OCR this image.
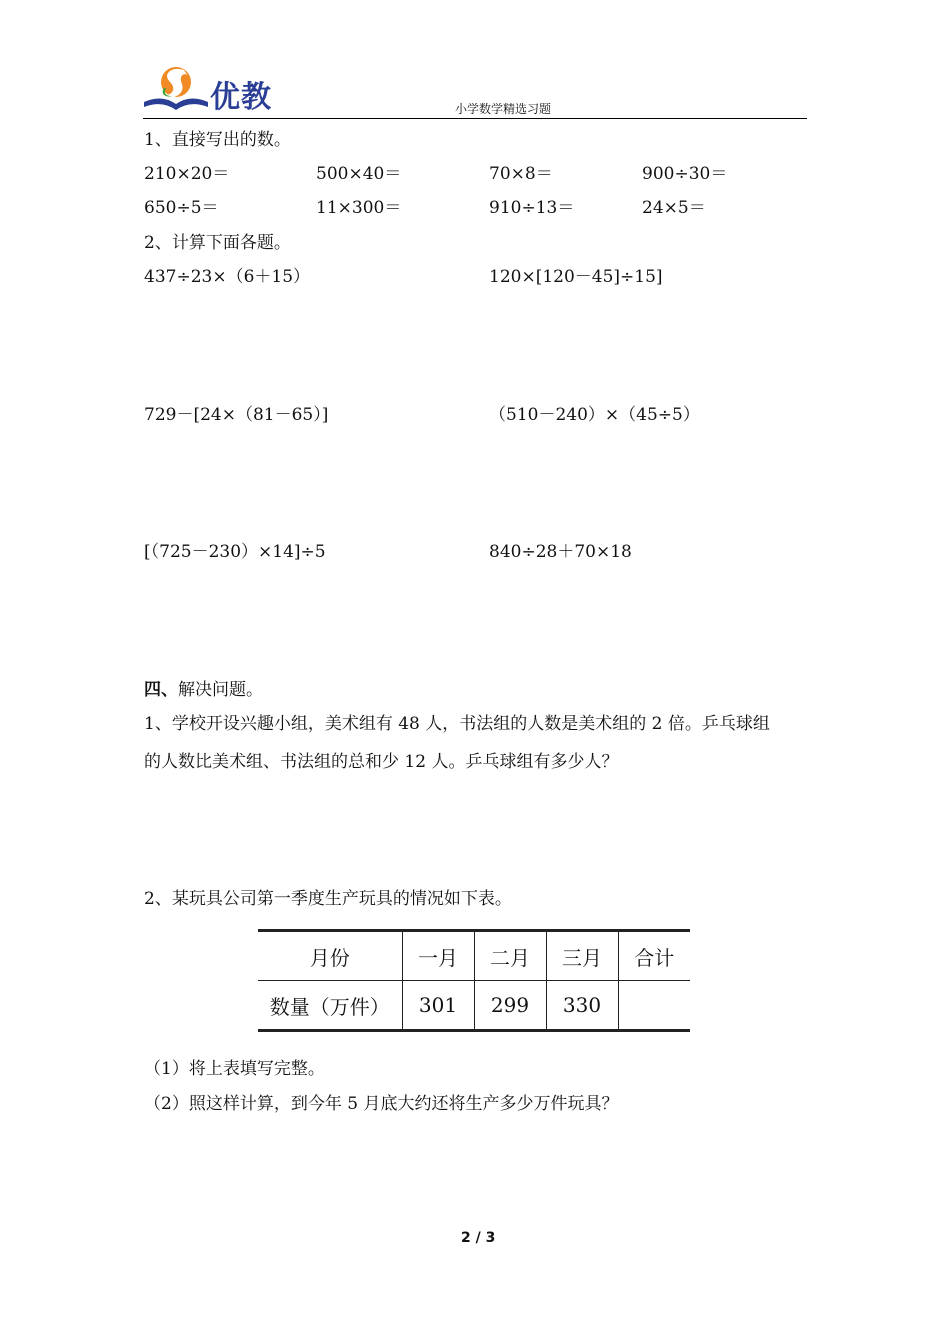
优教	小学数学精选习题
1、直接写出的数。
210×20＝	500×40＝	70×8＝	900÷30＝
650÷5＝	11×300＝	910÷13＝	24×5＝
2、计算下面各题。
437÷23×（6＋15）	120×[120－45]÷15]
729－[24×（81－65）]	（510－240）×（45÷5）
[（725－230）×14]÷5	840÷28＋70×18
四、解决问题。
1、学校开设兴趣小组，美术组有 48 人，书法组的人数是美术组的 2 倍。乒乓球组
的人数比美术组、书法组的总和少 12 人。乒乓球组有多少人？
2、某玩具公司第一季度生产玩具的情况如下表。
月份	一月	二月	三月	合计
数量（万件）	301	299	330	
（1）将上表填写完整。
（2）照这样计算，到今年 5 月底大约还将生产多少万件玩具？
2 / 3
